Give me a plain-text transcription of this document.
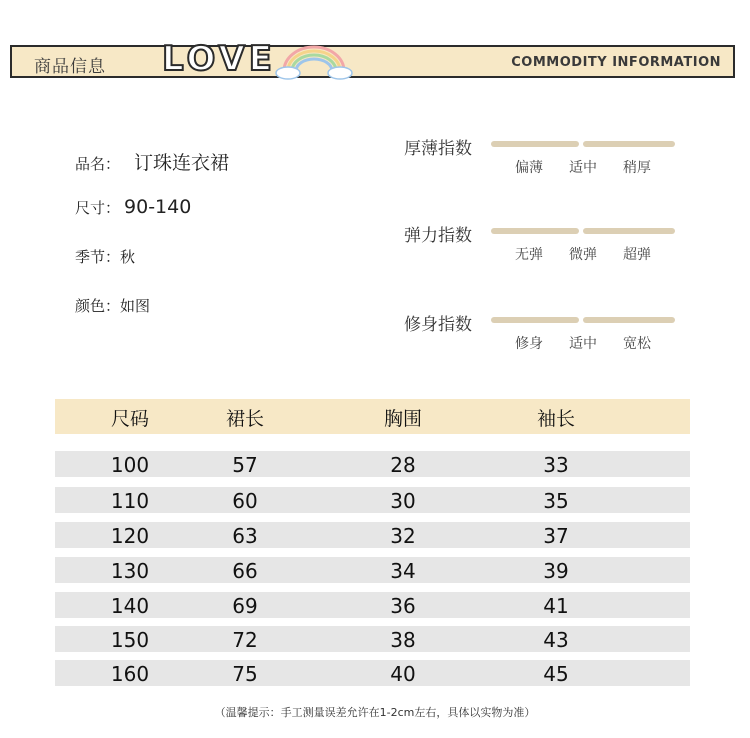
商品信息 LOVE	COMMODITY INFORMATION
品名： 订珠连衣裙
尺寸： 90-140
季节： 秋
颜色： 如图
厚薄指数
偏薄	适中	稍厚
弹力指数
无弹	微弹	超弹
修身指数
修身	适中	宽松
尺码	裙长	胸围	袖长
100	57	28	33
110	60	30	35
120	63	32	37
130	66	34	39
140	69	36	41
150	72	38	43
160	75	40	45
（温馨提示：手工测量误差允许在1-2cm左右，具体以实物为准）
